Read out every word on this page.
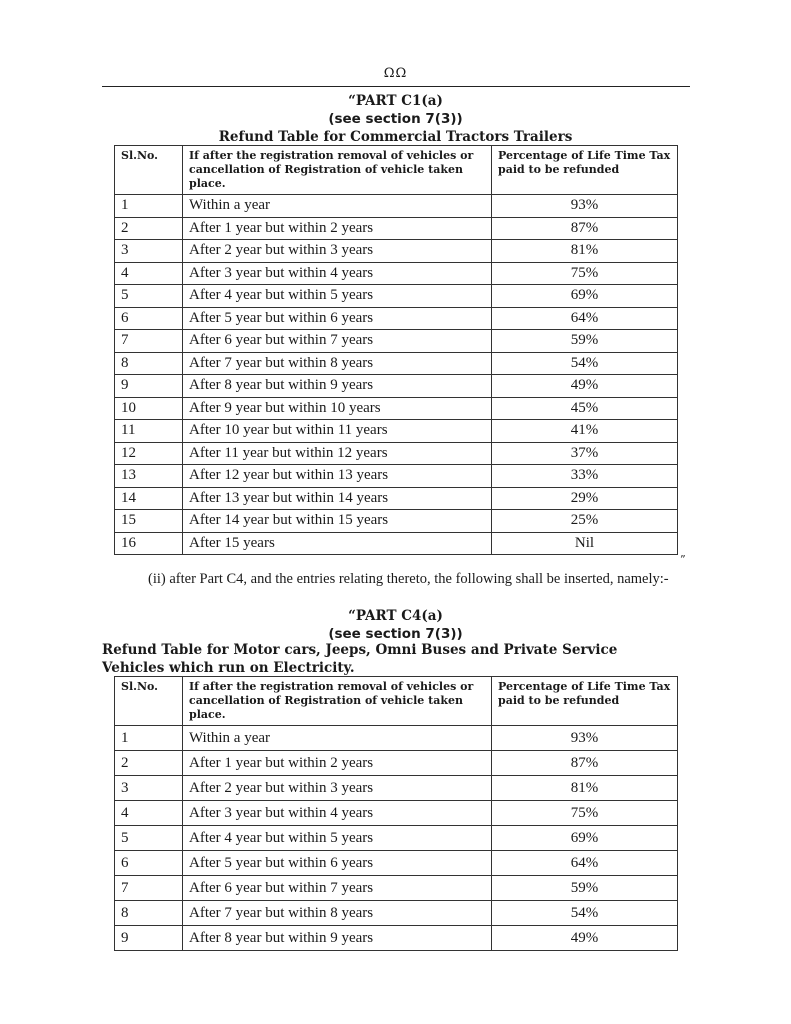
ΩΩ
“PART C1(a)
(see section 7(3))
Refund Table for Commercial Tractors Trailers
Sl.No.	If after the registration removal of vehicles or cancellation of Registration of vehicle taken place.	Percentage of Life Time Tax paid to be refunded
1	Within a year	93%
2	After 1 year but within 2 years	87%
3	After 2 year but within 3 years	81%
4	After 3 year but within 4 years	75%
5	After 4 year but within 5 years	69%
6	After 5 year but within 6 years	64%
7	After 6 year but within 7 years	59%
8	After 7 year but within 8 years	54%
9	After 8 year but within 9 years	49%
10	After 9 year but within 10 years	45%
11	After 10 year but within 11 years	41%
12	After 11 year but within 12 years	37%
13	After 12 year but within 13 years	33%
14	After 13 year but within 14 years	29%
15	After 14 year but within 15 years	25%
16	After 15 years	Nil
”
(ii) after Part C4, and the entries relating thereto, the following shall be inserted, namely:-
“PART C4(a)
(see section 7(3))
Refund Table for Motor cars, Jeeps, Omni Buses and Private Service
Vehicles which run on Electricity.
Sl.No.	If after the registration removal of vehicles or cancellation of Registration of vehicle taken place.	Percentage of Life Time Tax paid to be refunded
1	Within a year	93%
2	After 1 year but within 2 years	87%
3	After 2 year but within 3 years	81%
4	After 3 year but within 4 years	75%
5	After 4 year but within 5 years	69%
6	After 5 year but within 6 years	64%
7	After 6 year but within 7 years	59%
8	After 7 year but within 8 years	54%
9	After 8 year but within 9 years	49%
